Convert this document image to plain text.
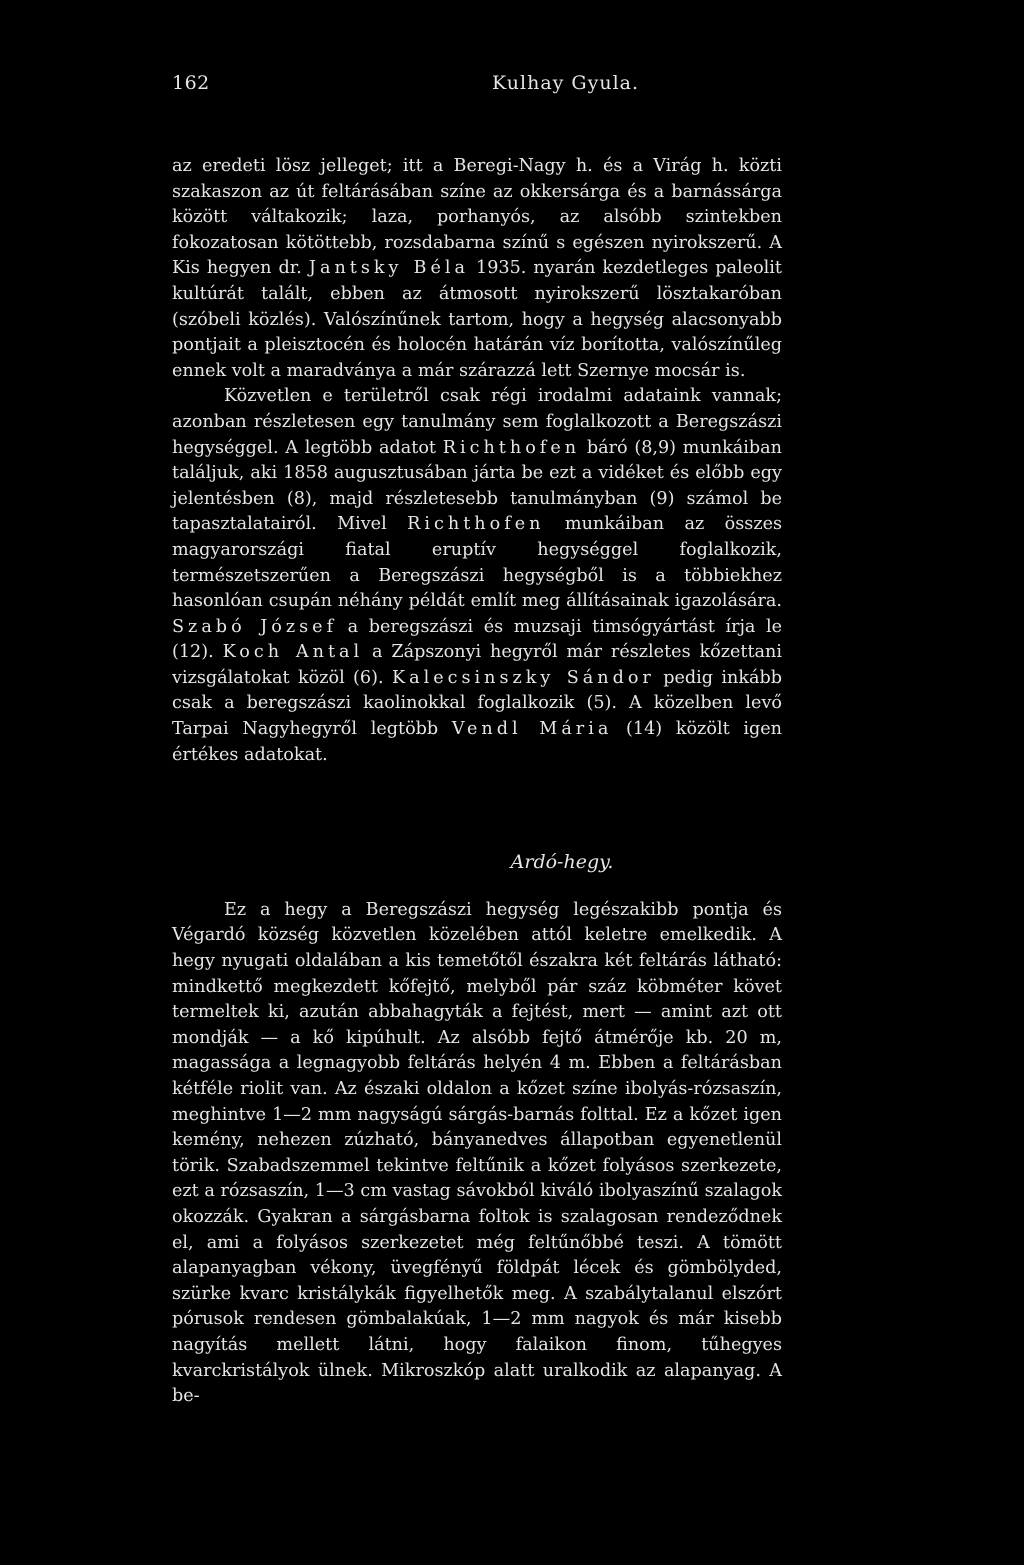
162	Kulhay Gyula.

az eredeti lösz jelleget; itt a Beregi-Nagy h. és a Virág h. közti szakaszon az út feltárásában színe az okkersárga és a barnássárga között váltakozik; laza, porhanyós, az alsóbb szintekben fokozatosan kötöttebb, rozsdabarna színű s egészen nyirokszerű. A Kis hegyen dr. Jantsky Béla 1935. nyarán kezdetleges paleolit kultúrát talált, ebben az átmosott nyirokszerű lösztakaróban (szóbeli közlés). Valószínűnek tartom, hogy a hegység alacsonyabb pontjait a pleisztocén és holocén határán víz borította, valószínűleg ennek volt a maradványa a már szárazzá lett Szernye mocsár is.

Közvetlen e területről csak régi irodalmi adataink vannak; azonban részletesen egy tanulmány sem foglalkozott a Beregszászi hegységgel. A legtöbb adatot Richthofen báró (8,9) munkáiban találjuk, aki 1858 augusztusában járta be ezt a vidéket és előbb egy jelentésben (8), majd részletesebb tanulmányban (9) számol be tapasztalatairól. Mivel Richthofen munkáiban az összes magyarországi fiatal eruptív hegységgel foglalkozik, természetszerűen a Beregszászi hegységből is a többiekhez hasonlóan csupán néhány példát említ meg állításainak igazolására. Szabó József a beregszászi és muzsaji timsógyártást írja le (12). Koch Antal a Zápszonyi hegyről már részletes kőzettani vizsgálatokat közöl (6). Kalecsinszky Sándor pedig inkább csak a beregszászi kaolinokkal foglalkozik (5). A közelben levő Tarpai Nagyhegyről legtöbb Vendl Mária (14) közölt igen értékes adatokat.

Ardó-hegy.

Ez a hegy a Beregszászi hegység legészakibb pontja és Végardó község közvetlen közelében attól keletre emelkedik. A hegy nyugati oldalában a kis temetőtől északra két feltárás látható: mindkettő megkezdett kőfejtő, melyből pár száz köbméter követ termeltek ki, azután abbahagyták a fejtést, mert — amint azt ott mondják — a kő kipúhult. Az alsóbb fejtő átmérője kb. 20 m, magassága a legnagyobb feltárás helyén 4 m. Ebben a feltárásban kétféle riolit van. Az északi oldalon a kőzet színe ibolyás-rózsaszín, meghintve 1—2 mm nagyságú sárgás-barnás folttal. Ez a kőzet igen kemény, nehezen zúzható, bányanedves állapotban egyenetlenül törik. Szabadszemmel tekintve feltűnik a kőzet folyásos szerkezete, ezt a rózsaszín, 1—3 cm vastag sávokból kiváló ibolyaszínű szalagok okozzák. Gyakran a sárgásbarna foltok is szalagosan rendeződnek el, ami a folyásos szerkezetet még feltűnőbbé teszi. A tömött alapanyagban vékony, üvegfényű földpát lécek és gömbölyded, szürke kvarc kristálykák figyelhetők meg. A szabálytalanul elszórt pórusok rendesen gömbalakúak, 1—2 mm nagyok és már kisebb nagyítás mellett látni, hogy falaikon finom, tűhegyes kvarckristályok ülnek. Mikroszkóp alatt uralkodik az alapanyag. A be-
